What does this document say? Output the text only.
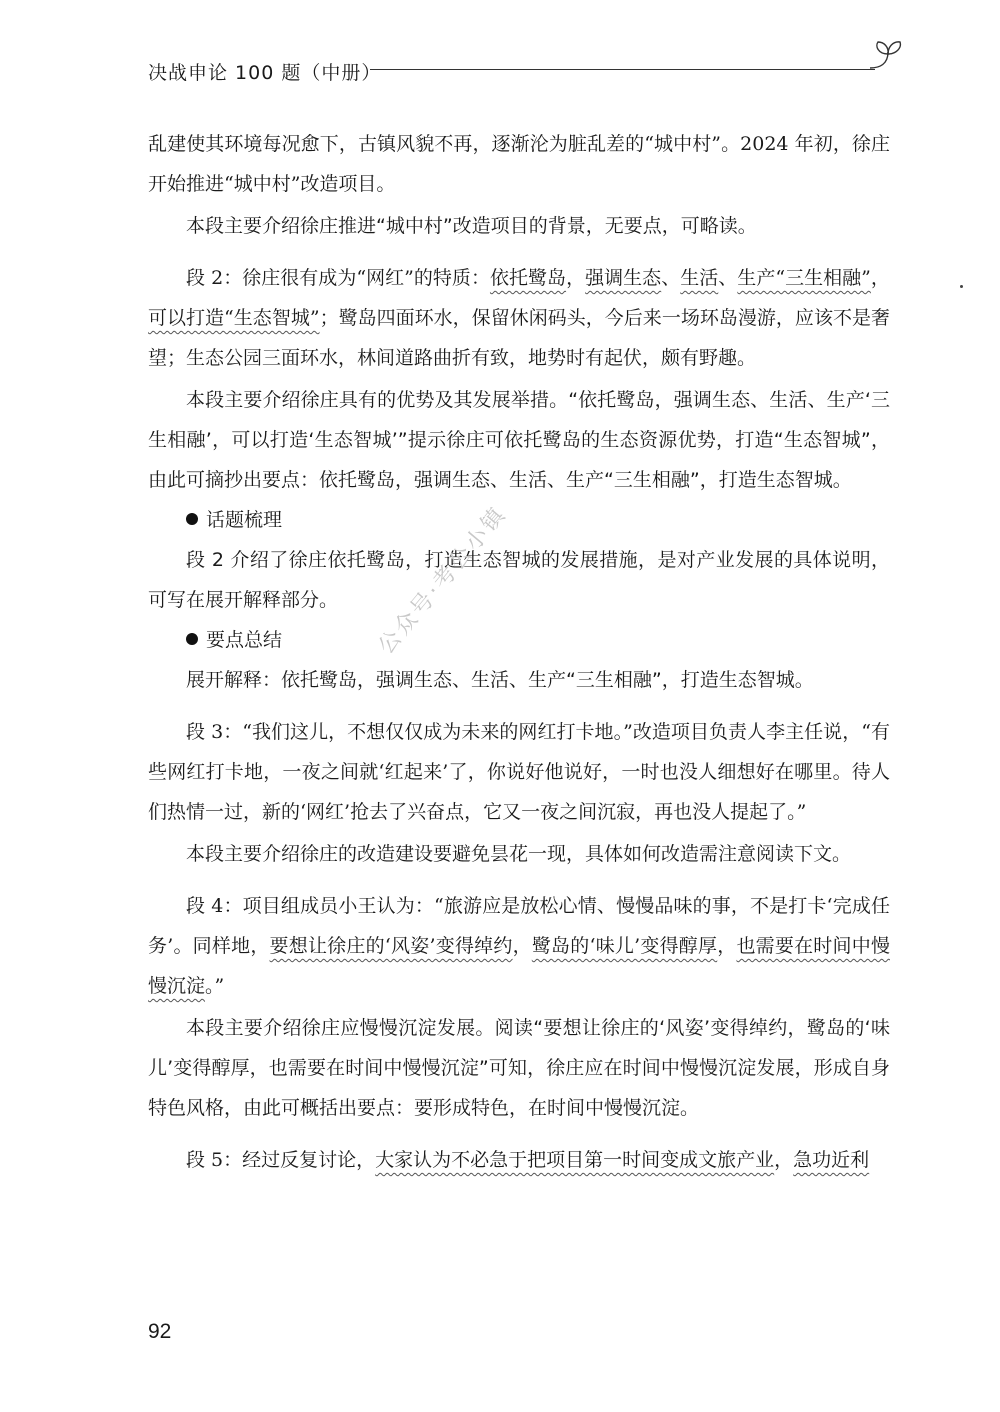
决战申论 100 题（中册）

乱建使其环境每况愈下，古镇风貌不再，逐渐沦为脏乱差的“城中村”。2024 年初，徐庄开始推进“城中村”改造项目。

本段主要介绍徐庄推进“城中村”改造项目的背景，无要点，可略读。

段 2：徐庄很有成为“网红”的特质：依托鹭岛，强调生态、生活、生产“三生相融”，可以打造“生态智城”；鹭岛四面环水，保留休闲码头，今后来一场环岛漫游，应该不是奢望；生态公园三面环水，林间道路曲折有致，地势时有起伏，颇有野趣。

本段主要介绍徐庄具有的优势及其发展举措。“依托鹭岛，强调生态、生活、生产‘三生相融’，可以打造‘生态智城’”提示徐庄可依托鹭岛的生态资源优势，打造“生态智城”，由此可摘抄出要点：依托鹭岛，强调生态、生活、生产“三生相融”，打造生态智城。

话题梳理

段 2 介绍了徐庄依托鹭岛，打造生态智城的发展措施，是对产业发展的具体说明，可写在展开解释部分。

要点总结

展开解释：依托鹭岛，强调生态、生活、生产“三生相融”，打造生态智城。

段 3：“我们这儿，不想仅仅成为未来的网红打卡地。”改造项目负责人李主任说，“有些网红打卡地，一夜之间就‘红起来’了，你说好他说好，一时也没人细想好在哪里。待人们热情一过，新的‘网红’抢去了兴奋点，它又一夜之间沉寂，再也没人提起了。”

本段主要介绍徐庄的改造建设要避免昙花一现，具体如何改造需注意阅读下文。

段 4：项目组成员小王认为：“旅游应是放松心情、慢慢品味的事，不是打卡‘完成任务’。同样地，要想让徐庄的‘风姿’变得绰约，鹭岛的‘味儿’变得醇厚，也需要在时间中慢慢沉淀。”

本段主要介绍徐庄应慢慢沉淀发展。阅读“要想让徐庄的‘风姿’变得绰约，鹭岛的‘味儿’变得醇厚，也需要在时间中慢慢沉淀”可知，徐庄应在时间中慢慢沉淀发展，形成自身特色风格，由此可概括出要点：要形成特色，在时间中慢慢沉淀。

段 5：经过反复讨论，大家认为不必急于把项目第一时间变成文旅产业，急功近利

公众号·考公小镇
92
